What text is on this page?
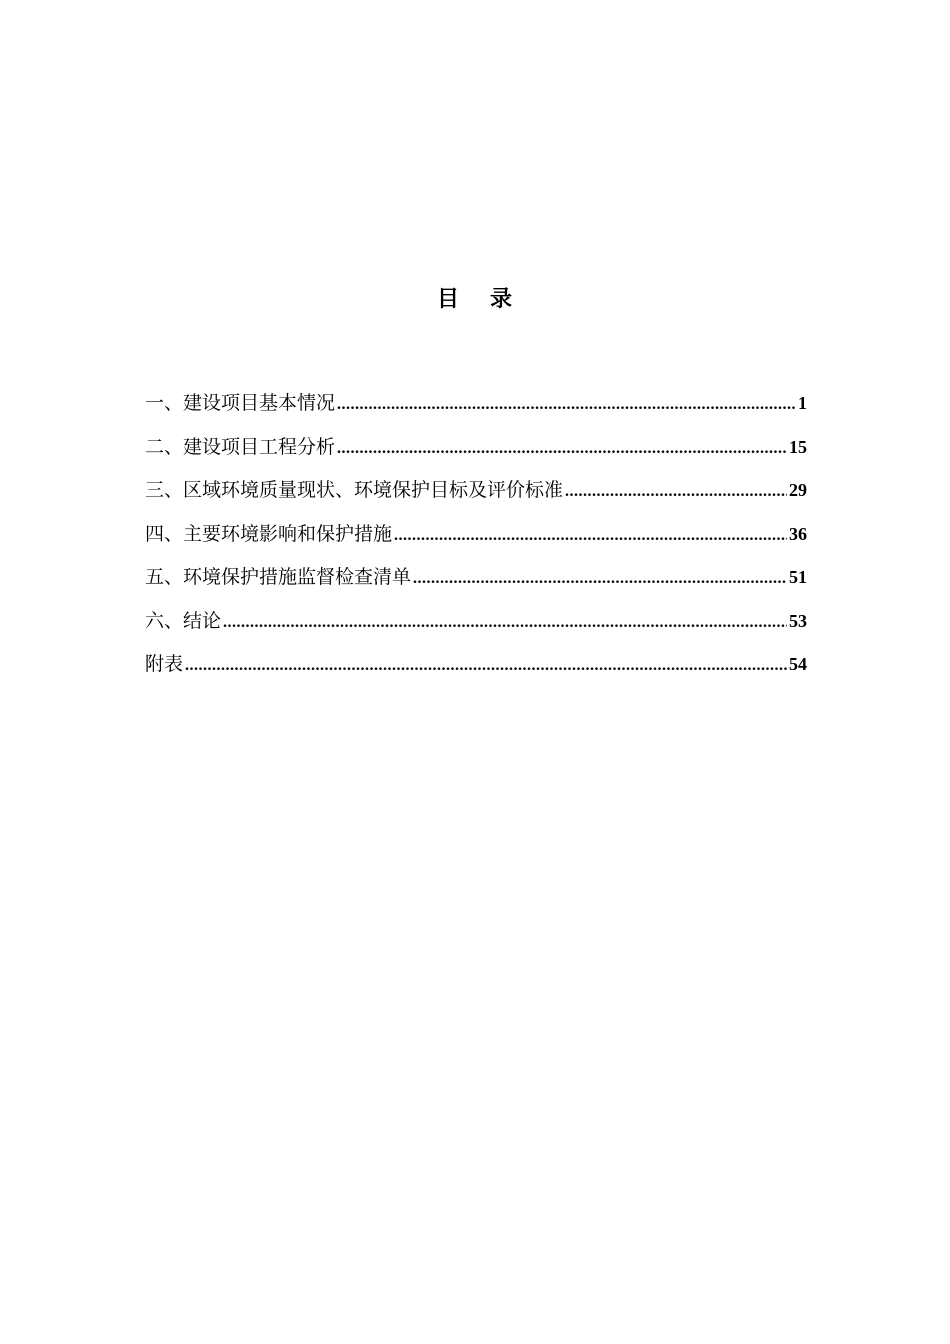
目 录
一、建设项目基本情况 .....	1
二、建设项目工程分析 .....	15
三、区域环境质量现状、环境保护目标及评价标准 .....	29
四、主要环境影响和保护措施 .....	36
五、环境保护措施监督检查清单 .....	51
六、结论 .....	53
附表 .....	54
